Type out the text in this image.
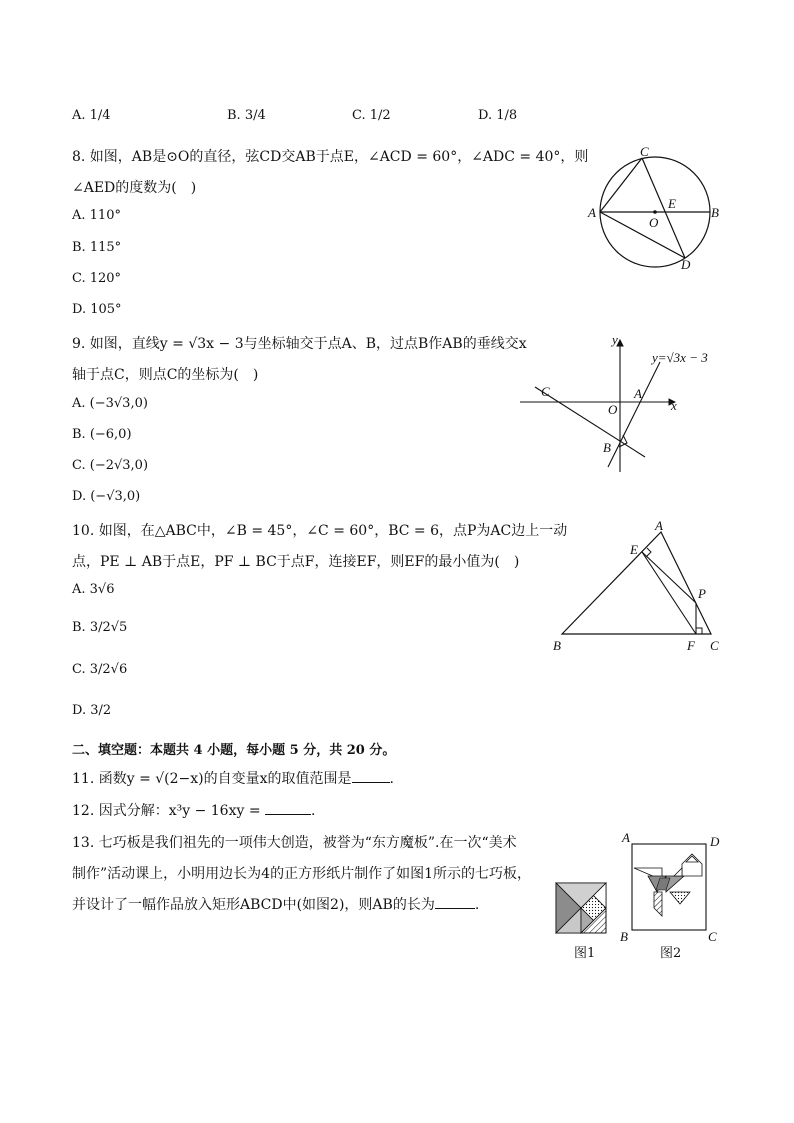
A. 1/4	B. 3/4	C. 1/2	D. 1/8
8. 如图，AB是⊙O的直径，弦CD交AB于点E，∠ACD = 60°，∠ADC = 40°，则
∠AED的度数为(　)
A. 110°
B. 115°
C. 120°
D. 105°
C
A
E
B
O
D
9. 如图，直线y = √3x − 3与坐标轴交于点A、B，过点B作AB的垂线交x
轴于点C，则点C的坐标为(　)
A. (−3√3,0)
B. (−6,0)
C. (−2√3,0)
D. (−√3,0)
y
x
y=√3x − 3
C	A
O
B
10. 如图，在△ABC中，∠B = 45°，∠C = 60°，BC = 6，点P为AC边上一动
点，PE ⊥ AB于点E，PF ⊥ BC于点F，连接EF，则EF的最小值为(　)
A. 3√6
B. 3/2√5
C. 3/2√6
D. 3/2
A
E
P
B	F C
二、填空题：本题共 4 小题，每小题 5 分，共 20 分。
11. 函数y = √(2−x)的自变量x的取值范围是	.
12. 因式分解：x³y − 16xy =	.
13. 七巧板是我们祖先的一项伟大创造，被誉为“东方魔板”.在一次“美术
制作”活动课上，小明用边长为4的正方形纸片制作了如图1所示的七巧板，
并设计了一幅作品放入矩形ABCD中(如图2)，则AB的长为	.
图1
A	D
B	C
图2
